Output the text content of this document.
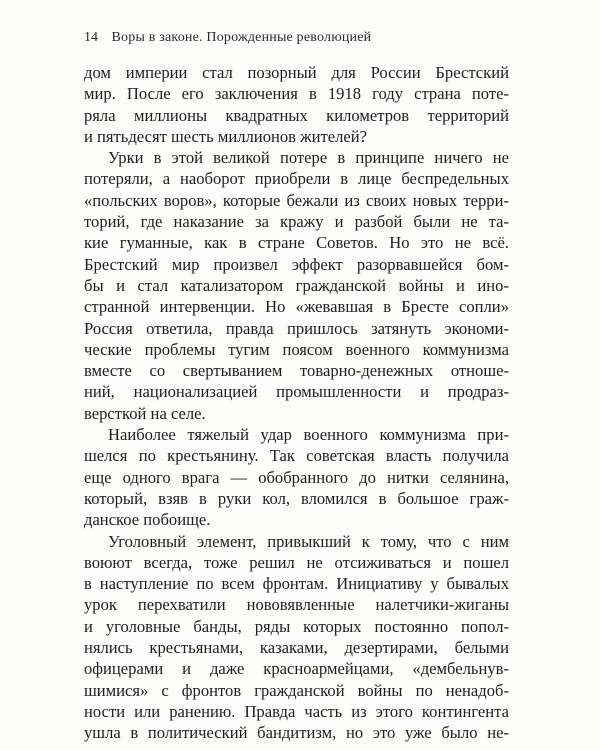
14 Воры в законе. Порожденные революцией
дом империи стал позорный для России Брестский
мир. После его заключения в 1918 году страна поте-
ряла миллионы квадратных километров территорий
и пятьдесят шесть миллионов жителей?
Урки в этой великой потере в принципе ничего не
потеряли, а наоборот приобрели в лице беспредельных
«польских воров», которые бежали из своих новых терри-
торий, где наказание за кражу и разбой были не та-
кие гуманные, как в стране Советов. Но это не всё.
Брестский мир произвел эффект разорвавшейся бом-
бы и стал катализатором гражданской войны и ино-
странной интервенции. Но «жевавшая в Бресте сопли»
Россия ответила, правда пришлось затянуть экономи-
ческие проблемы тугим поясом военного коммунизма
вместе со свертыванием товарно-денежных отноше-
ний, национализацией промышленности и продраз-
версткой на селе.
Наиболее тяжелый удар военного коммунизма при-
шелся по крестьянину. Так советская власть получила
еще одного врага — обобранного до нитки селянина,
который, взяв в руки кол, вломился в большое граж-
данское побоище.
Уголовный элемент, привыкший к тому, что с ним
воюют всегда, тоже решил не отсиживаться и пошел
в наступление по всем фронтам. Инициативу у бывалых
урок перехватили нововявленные налетчики-жиганы
и уголовные банды, ряды которых постоянно попол-
нялись крестьянами, казаками, дезертирами, белыми
офицерами и даже красноармейцами, «дембельнув-
шимися» с фронтов гражданской войны по ненадоб-
ности или ранению. Правда часть из этого контингента
ушла в политический бандитизм, но это уже было не-
